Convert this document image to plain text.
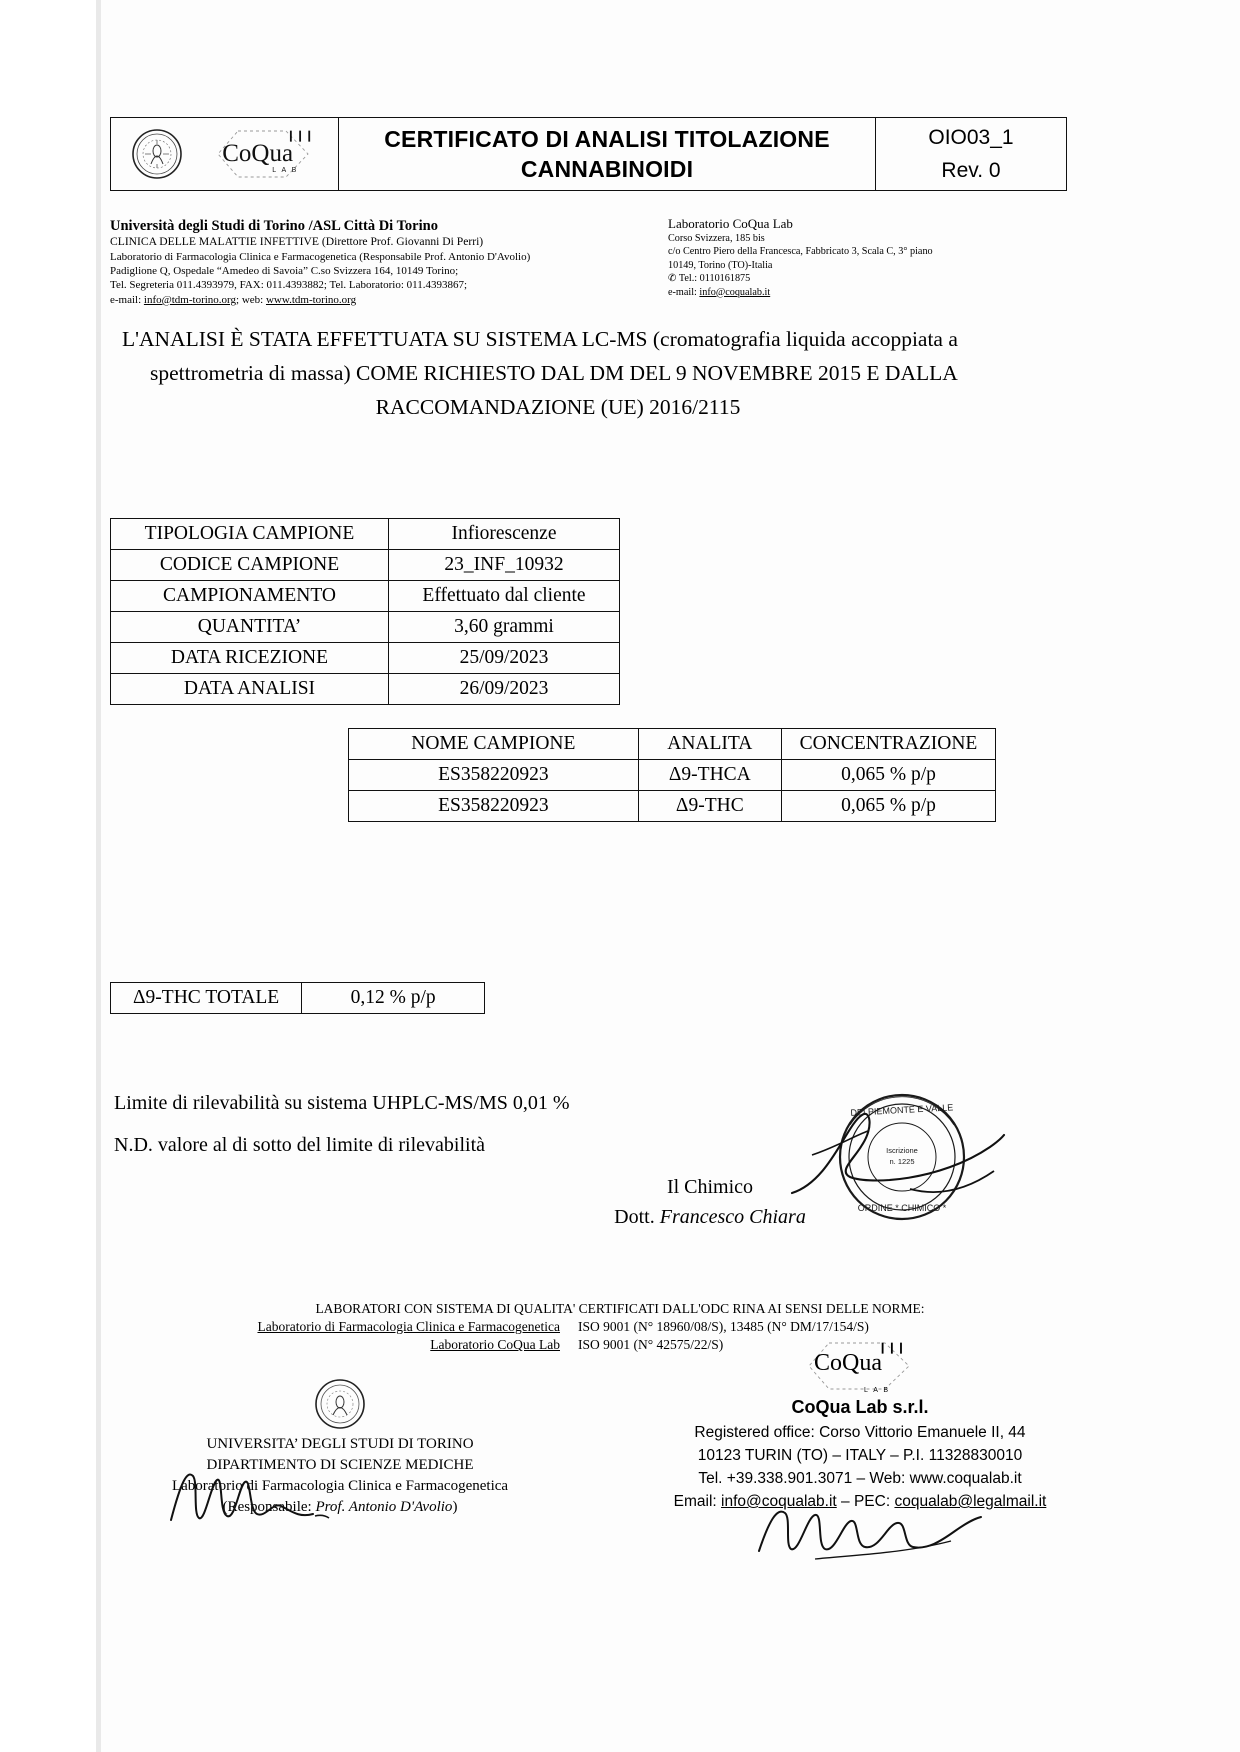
CoQua
L A B
❙❙❙	CERTIFICATO DI ANALISI TITOLAZIONE
CANNABINOIDI
OIO03_1
Rev. 0
Università degli Studi di Torino /ASL Città Di Torino
CLINICA DELLE MALATTIE INFETTIVE (Direttore Prof. Giovanni Di Perri)
Laboratorio di Farmacologia Clinica e Farmacogenetica (Responsabile Prof. Antonio D'Avolio)
Padiglione Q, Ospedale “Amedeo di Savoia” C.so Svizzera 164, 10149 Torino;
Tel. Segreteria 011.4393979, FAX: 011.4393882; Tel. Laboratorio: 011.4393867;
e-mail: info@tdm-torino.org; web: www.tdm-torino.org
Laboratorio CoQua Lab
Corso Svizzera, 185 bis
c/o Centro Piero della Francesca, Fabbricato 3, Scala C, 3° piano
10149, Torino (TO)-Italia
✆ Tel.: 0110161875
e-mail: info@coqualab.it
L'ANALISI È STATA EFFETTUATA SU SISTEMA LC-MS (cromatografia liquida accoppiata a
spettrometria di massa) COME RICHIESTO DAL DM DEL 9 NOVEMBRE 2015 E DALLA
RACCOMANDAZIONE (UE) 2016/2115
TIPOLOGIA CAMPIONE	Infiorescenze
CODICE CAMPIONE	23_INF_10932
CAMPIONAMENTO	Effettuato dal cliente
QUANTITA’	3,60 grammi
DATA RICEZIONE	25/09/2023
DATA ANALISI	26/09/2023
NOME CAMPIONE	ANALITA	CONCENTRAZIONE
ES358220923	Δ9-THCA	0,065 % p/p
ES358220923	Δ9-THC	0,065 % p/p
Δ9-THC TOTALE	0,12 % p/p
Limite di rilevabilità su sistema UHPLC-MS/MS 0,01 %
N.D. valore al di sotto del limite di rilevabilità
Il Chimico
Dott. Francesco Chiara
DEI PIEMONTE E VALLE
ORDINE * CHIMICO *
Iscrizione
n. 1225
LABORATORI CON SISTEMA DI QUALITA' CERTIFICATI DALL'ODC RINA AI SENSI DELLE NORME:
Laboratorio di Farmacologia Clinica e Farmacogenetica	ISO 9001 (N° 18960/08/S), 13485 (N° DM/17/154/S)
Laboratorio CoQua Lab	ISO 9001 (N° 42575/22/S)
UNIVERSITA’ DEGLI STUDI DI TORINO
DIPARTIMENTO DI SCIENZE MEDICHE
Laboratorio di Farmacologia Clinica e Farmacogenetica
(Responsabile: Prof. Antonio D'Avolio)
CoQua
L A B
❙❙❙
CoQua Lab s.r.l.
Registered office: Corso Vittorio Emanuele II, 44
10123 TURIN (TO) – ITALY – P.I. 11328830010
Tel. +39.338.901.3071 – Web: www.coqualab.it
Email: info@coqualab.it – PEC: coqualab@legalmail.it
